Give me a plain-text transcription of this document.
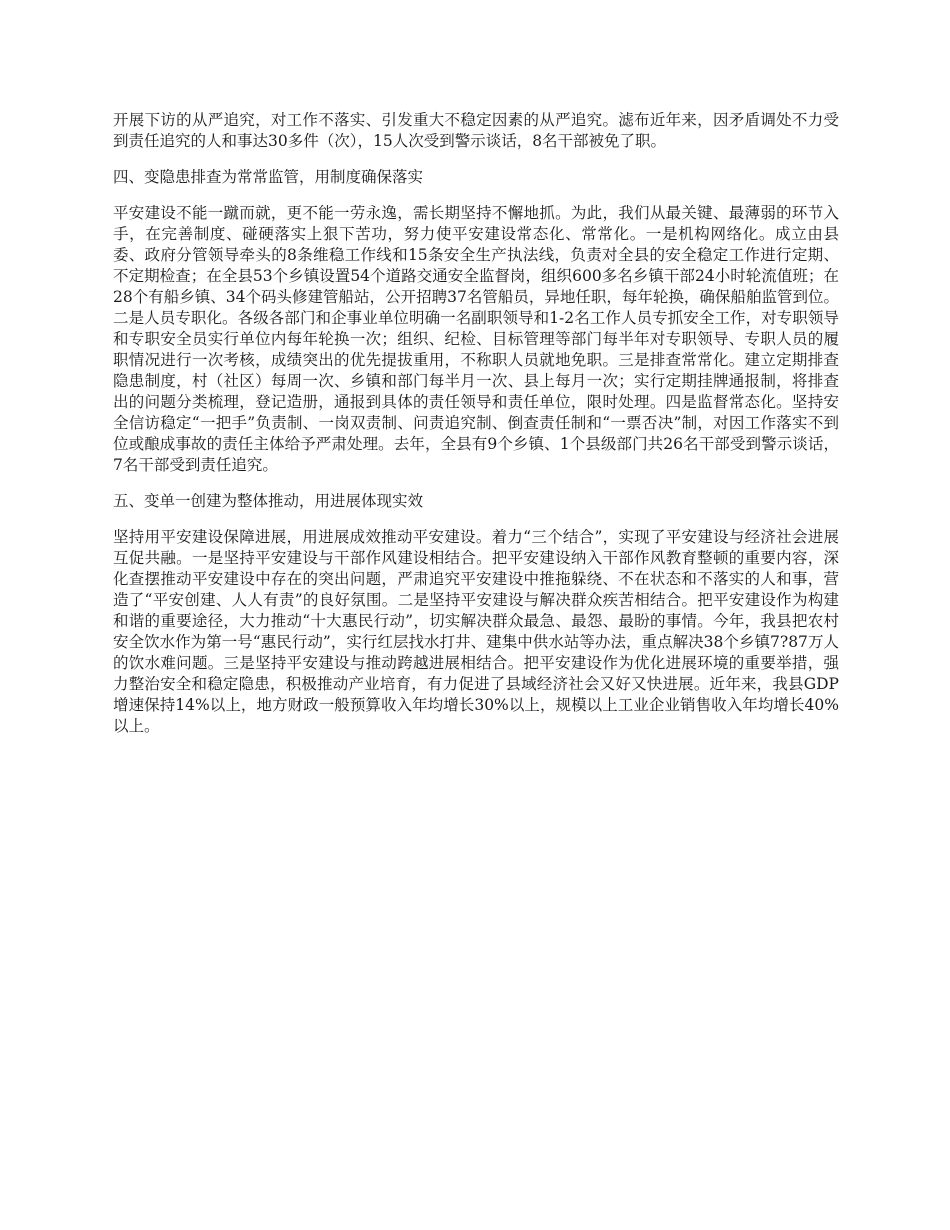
开展下访的从严追究，对工作不落实、引发重大不稳定因素的从严追究。滤布近年来，因矛盾调处不力受到责任追究的人和事达30多件（次），15人次受到警示谈话，8名干部被免了职。

四、变隐患排查为常常监管，用制度确保落实

平安建设不能一蹴而就，更不能一劳永逸，需长期坚持不懈地抓。为此，我们从最关键、最薄弱的环节入手，在完善制度、碰硬落实上狠下苦功，努力使平安建设常态化、常常化。一是机构网络化。成立由县委、政府分管领导牵头的8条维稳工作线和15条安全生产执法线，负责对全县的安全稳定工作进行定期、不定期检查；在全县53个乡镇设置54个道路交通安全监督岗，组织600多名乡镇干部24小时轮流值班；在28个有船乡镇、34个码头修建管船站，公开招聘37名管船员，异地任职，每年轮换，确保船舶监管到位。二是人员专职化。各级各部门和企事业单位明确一名副职领导和1-2名工作人员专抓安全工作，对专职领导和专职安全员实行单位内每年轮换一次；组织、纪检、目标管理等部门每半年对专职领导、专职人员的履职情况进行一次考核，成绩突出的优先提拔重用，不称职人员就地免职。三是排查常常化。建立定期排查隐患制度，村（社区）每周一次、乡镇和部门每半月一次、县上每月一次；实行定期挂牌通报制，将排查出的问题分类梳理，登记造册，通报到具体的责任领导和责任单位，限时处理。四是监督常态化。坚持安全信访稳定“一把手”负责制、一岗双责制、问责追究制、倒查责任制和“一票否决”制，对因工作落实不到位或酿成事故的责任主体给予严肃处理。去年，全县有9个乡镇、1个县级部门共26名干部受到警示谈话，7名干部受到责任追究。

五、变单一创建为整体推动，用进展体现实效

坚持用平安建设保障进展，用进展成效推动平安建设。着力“三个结合”，实现了平安建设与经济社会进展互促共融。一是坚持平安建设与干部作风建设相结合。把平安建设纳入干部作风教育整顿的重要内容，深化查摆推动平安建设中存在的突出问题，严肃追究平安建设中推拖躲绕、不在状态和不落实的人和事，营造了“平安创建、人人有责”的良好氛围。二是坚持平安建设与解决群众疾苦相结合。把平安建设作为构建和谐的重要途径，大力推动“十大惠民行动”，切实解决群众最急、最怨、最盼的事情。今年，我县把农村安全饮水作为第一号“惠民行动”，实行红层找水打井、建集中供水站等办法，重点解决38个乡镇7?87万人的饮水难问题。三是坚持平安建设与推动跨越进展相结合。把平安建设作为优化进展环境的重要举措，强力整治安全和稳定隐患，积极推动产业培育，有力促进了县域经济社会又好又快进展。近年来，我县GDP增速保持14%以上，地方财政一般预算收入年均增长30%以上，规模以上工业企业销售收入年均增长40%以上。
